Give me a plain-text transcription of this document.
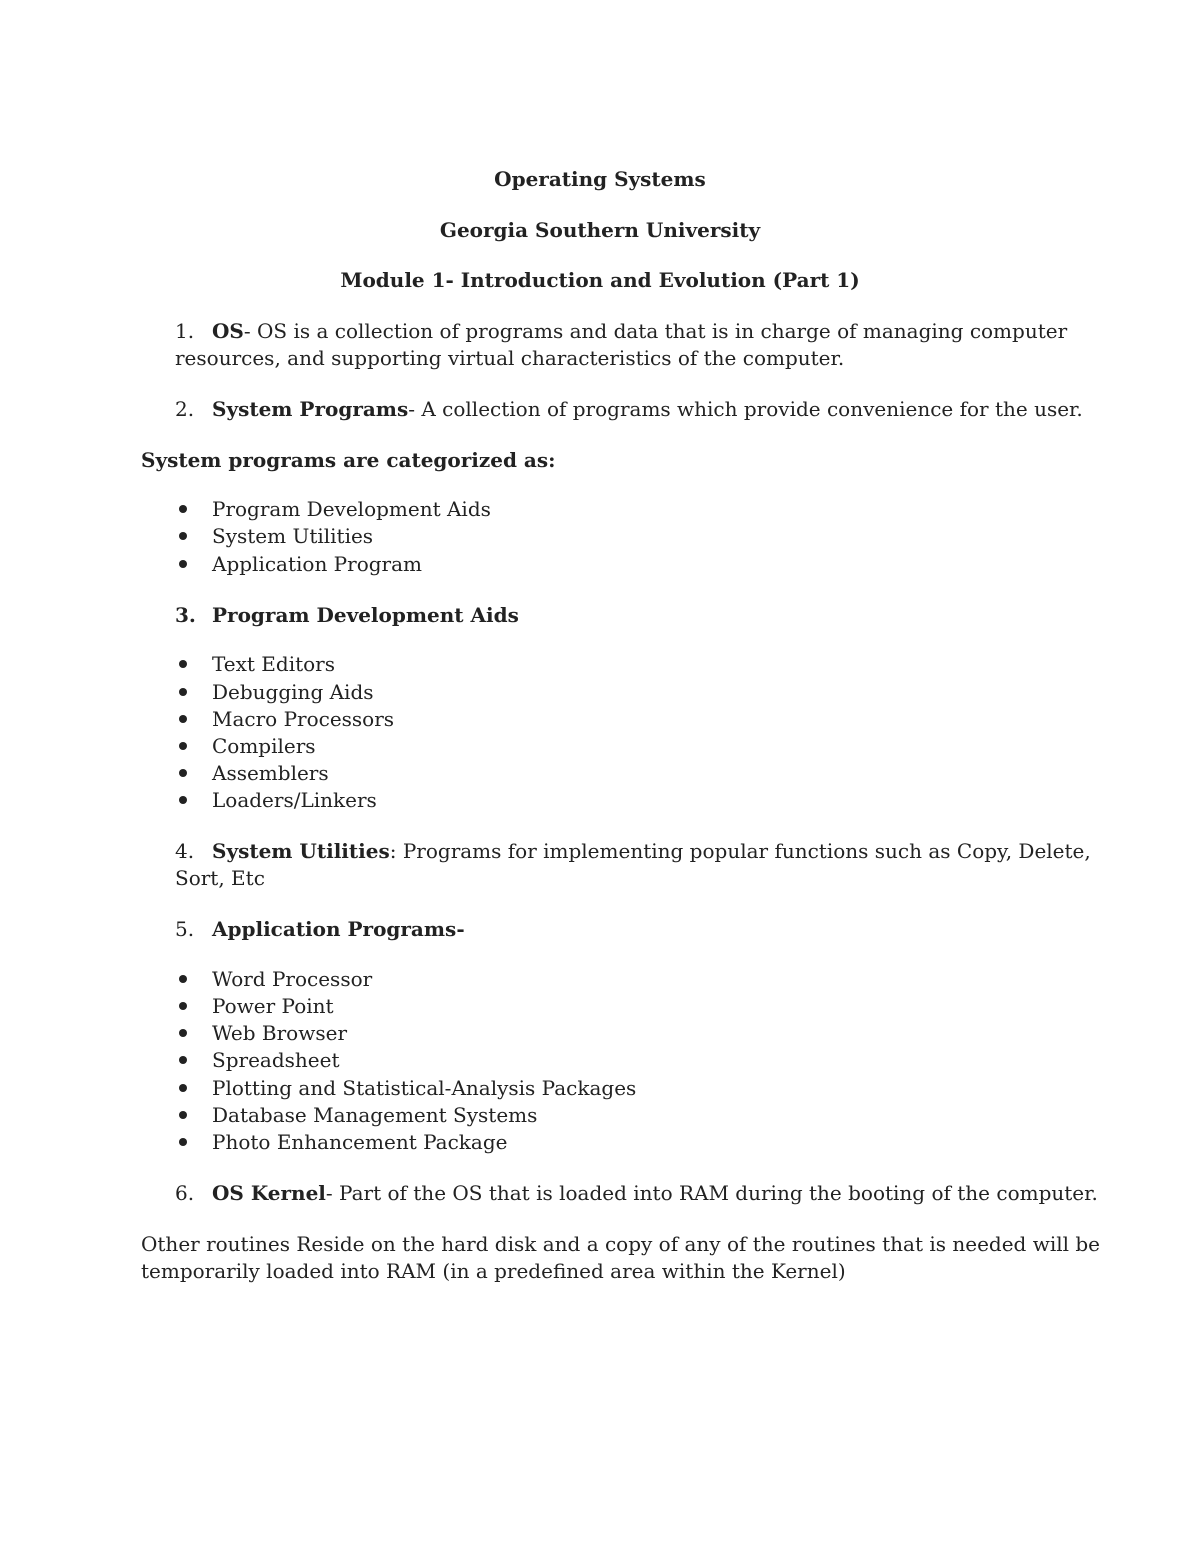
Operating Systems
Georgia Southern University
Module 1- Introduction and Evolution (Part 1)
1. OS- OS is a collection of programs and data that is in charge of managing computer
resources, and supporting virtual characteristics of the computer.
2. System Programs- A collection of programs which provide convenience for the user.
System programs are categorized as:
Program Development Aids
System Utilities
Application Program
3. Program Development Aids
Text Editors
Debugging Aids
Macro Processors
Compilers
Assemblers
Loaders/Linkers
4. System Utilities: Programs for implementing popular functions such as Copy, Delete,
Sort, Etc
5. Application Programs-
Word Processor
Power Point
Web Browser
Spreadsheet
Plotting and Statistical-Analysis Packages
Database Management Systems
Photo Enhancement Package
6. OS Kernel- Part of the OS that is loaded into RAM during the booting of the computer.
Other routines Reside on the hard disk and a copy of any of the routines that is needed will be
temporarily loaded into RAM (in a predefined area within the Kernel)
